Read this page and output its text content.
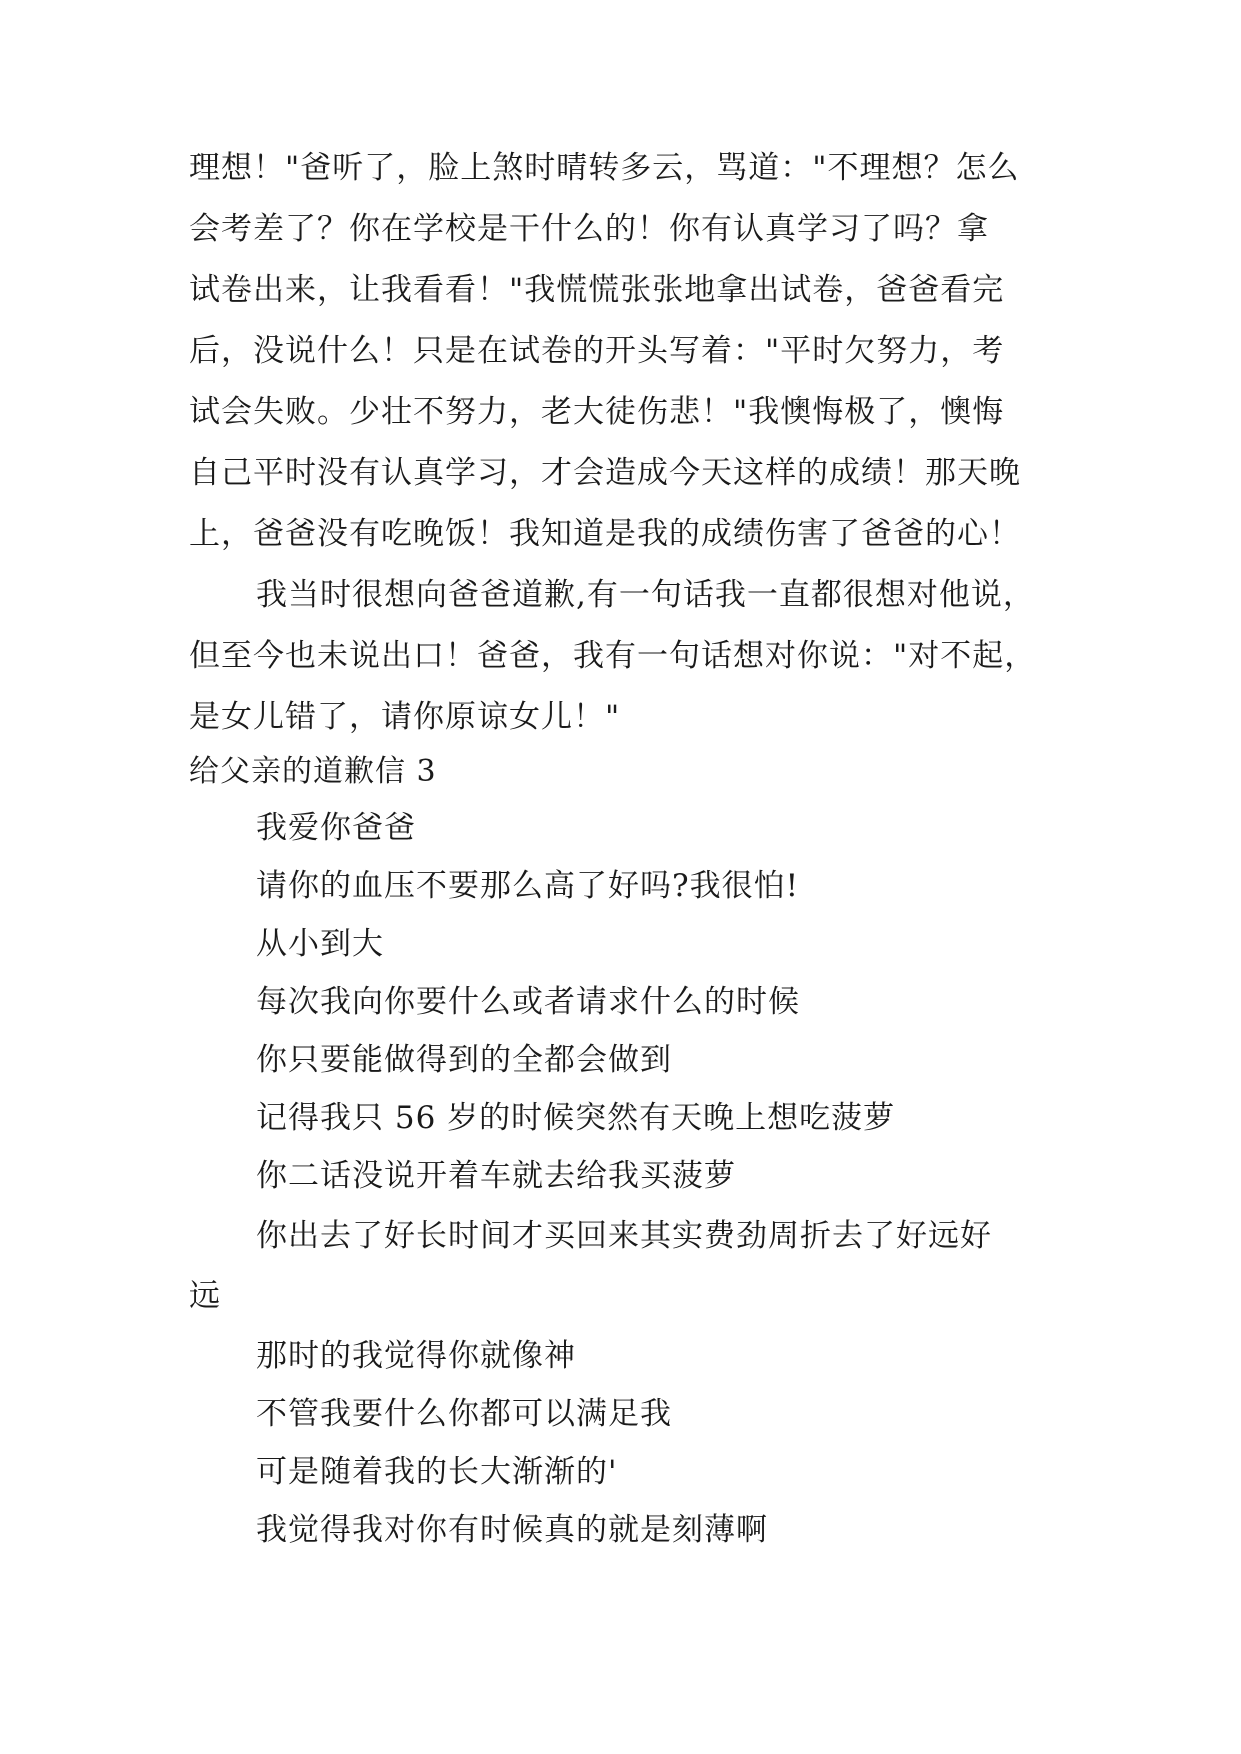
理想！"爸听了，脸上煞时晴转多云，骂道："不理想？怎么
会考差了？你在学校是干什么的！你有认真学习了吗？拿
试卷出来，让我看看！"我慌慌张张地拿出试卷，爸爸看完
后，没说什么！只是在试卷的开头写着："平时欠努力，考
试会失败。少壮不努力，老大徒伤悲！"我懊悔极了，懊悔
自己平时没有认真学习，才会造成今天这样的成绩！那天晚
上，爸爸没有吃晚饭！我知道是我的成绩伤害了爸爸的心！
我当时很想向爸爸道歉,有一句话我一直都很想对他说，
但至今也未说出口！爸爸，我有一句话想对你说："对不起，
是女儿错了，请你原谅女儿！"
给父亲的道歉信 3
我爱你爸爸
请你的血压不要那么高了好吗?我很怕!
从小到大
每次我向你要什么或者请求什么的时候
你只要能做得到的全都会做到
记得我只 56 岁的时候突然有天晚上想吃菠萝
你二话没说开着车就去给我买菠萝
你出去了好长时间才买回来其实费劲周折去了好远好
远
那时的我觉得你就像神
不管我要什么你都可以满足我
可是随着我的长大渐渐的'
我觉得我对你有时候真的就是刻薄啊
